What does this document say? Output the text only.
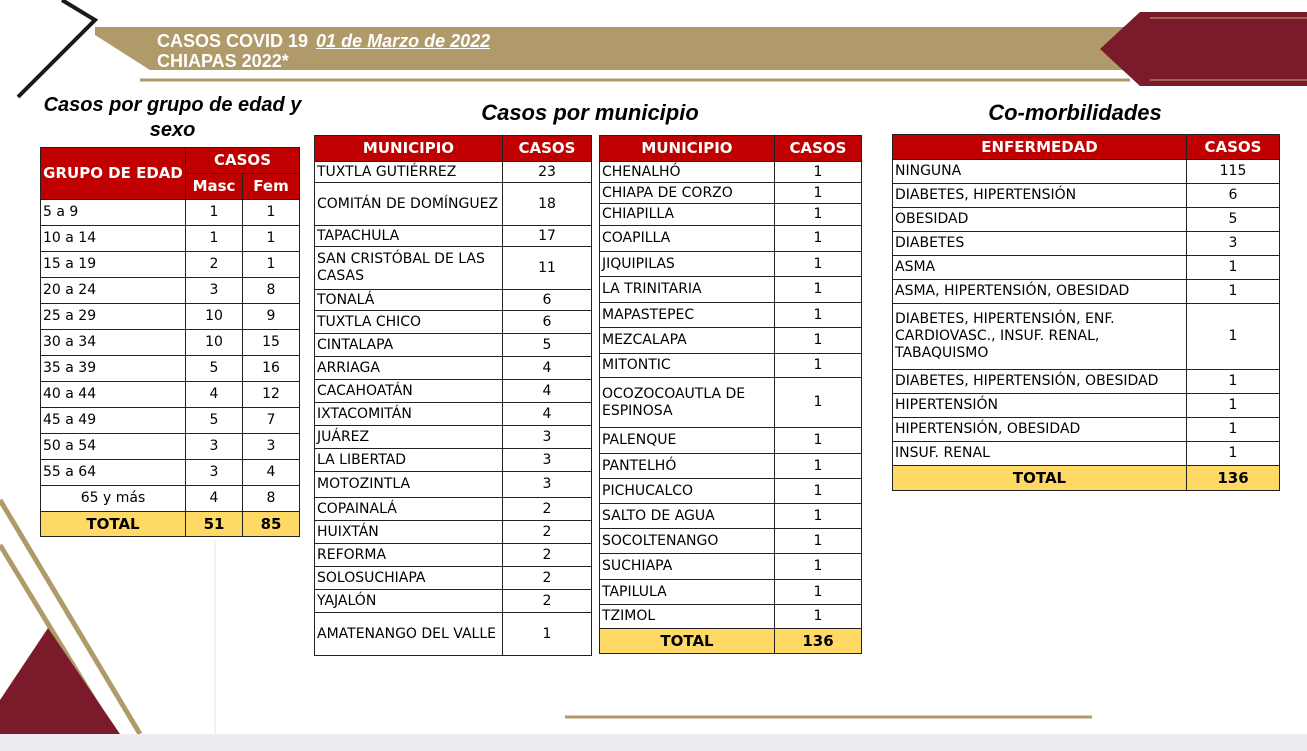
CASOS COVID 19 01 de Marzo de 2022
CHIAPAS 2022*
Casos por grupo de edad y sexo
Casos por municipio	Co-morbilidades
GRUPO DE EDAD	CASOS	
	Masc	Fem
5 a 9	1	1
10 a 14	1	1
15 a 19	2	1
20 a 24	3	8
25 a 29	10	9
30 a 34	10	15
35 a 39	5	16
40 a 44	4	12
45 a 49	5	7
50 a 54	3	3
55 a 64	3	4
65 y más	4	8
TOTAL	51	85
MUNICIPIO	CASOS
TUXTLA GUTIÉRREZ	23
COMITÁN DE DOMÍNGUEZ	18
TAPACHULA	17
SAN CRISTÓBAL DE LAS CASAS	11
TONALÁ	6
TUXTLA CHICO	6
CINTALAPA	5
ARRIAGA	4
CACAHOATÁN	4
IXTACOMITÁN	4
JUÁREZ	3
LA LIBERTAD	3
MOTOZINTLA	3
COPAINALÁ	2
HUIXTÁN	2
REFORMA	2
SOLOSUCHIAPA	2
YAJALÓN	2
AMATENANGO DEL VALLE	1
MUNICIPIO	CASOS
CHENALHÓ	1
CHIAPA DE CORZO	1
CHIAPILLA	1
COAPILLA	1
JIQUIPILAS	1
LA TRINITARIA	1
MAPASTEPEC	1
MEZCALAPA	1
MITONTIC	1
OCOZOCOAUTLA DE ESPINOSA	1
PALENQUE	1
PANTELHÓ	1
PICHUCALCO	1
SALTO DE AGUA	1
SOCOLTENANGO	1
SUCHIAPA	1
TAPILULA	1
TZIMOL	1
TOTAL	136
ENFERMEDAD	CASOS
NINGUNA	115
DIABETES, HIPERTENSIÓN	6
OBESIDAD	5
DIABETES	3
ASMA	1
ASMA, HIPERTENSIÓN, OBESIDAD	1
DIABETES, HIPERTENSIÓN, ENF. CARDIOVASC., INSUF. RENAL, TABAQUISMO	1
DIABETES, HIPERTENSIÓN, OBESIDAD	1
HIPERTENSIÓN	1
HIPERTENSIÓN, OBESIDAD	1
INSUF. RENAL	1
TOTAL	136
